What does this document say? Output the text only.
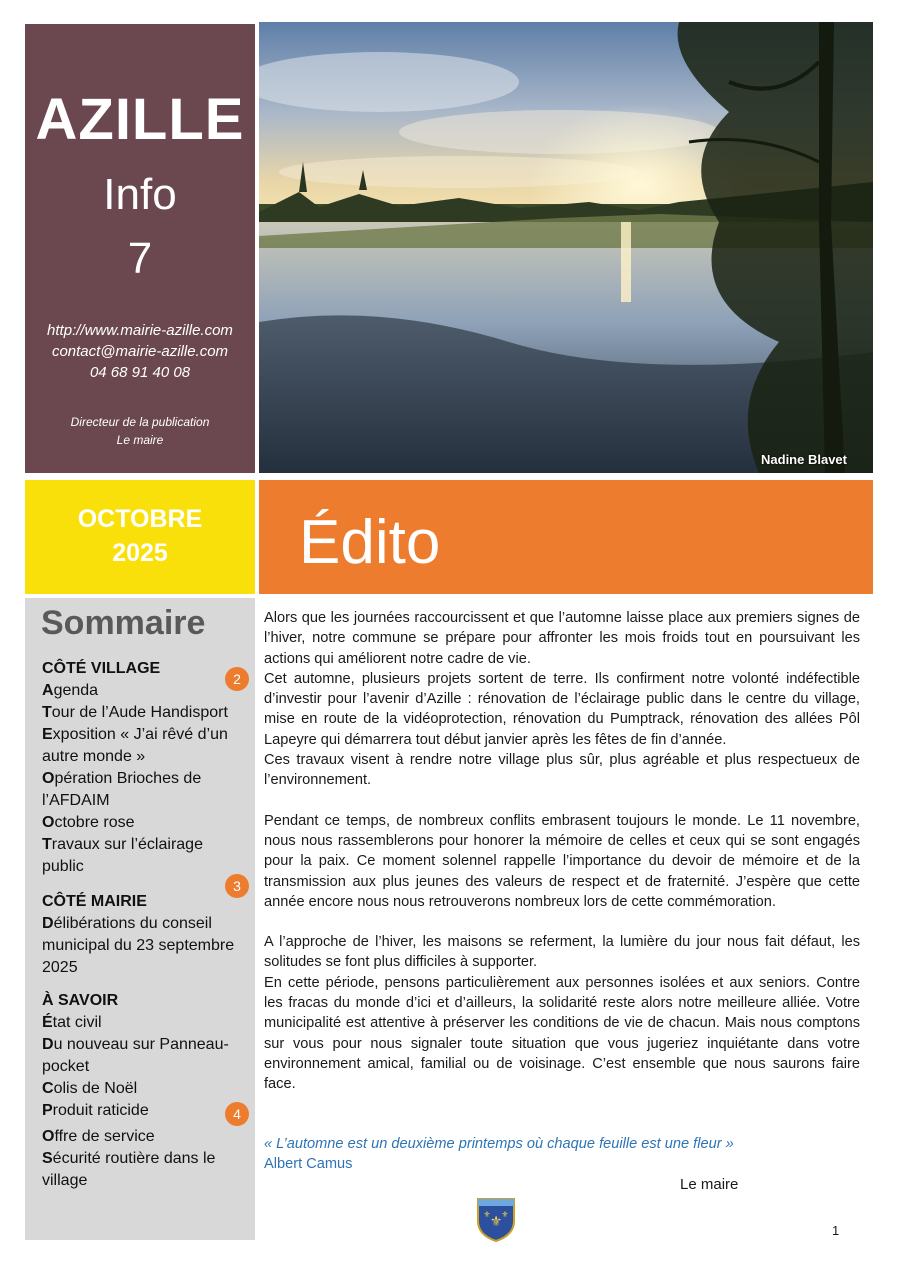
AZILLE
Info
7
http://www.mairie-azille.com
contact@mairie-azille.com
04 68 91 40 08
Directeur de la publication
Le maire
Nadine Blavet
OCTOBRE
2025	Édito
Sommaire
CÔTÉ VILLAGE
Agenda
Tour de l’Aude Handisport
Exposition « J’ai rêvé d’un autre monde »
Opération Brioches de l’AFDAIM
Octobre rose
Travaux sur l’éclairage public
2
CÔTÉ MAIRIE
Délibérations du conseil municipal du 23 septembre 2025
3
À SAVOIR
État civil
Du nouveau sur Panneau-pocket
Colis de Noël
Produit raticide
Offre de service
Sécurité routière dans le village
4

Alors que les journées raccourcissent et que l’automne laisse place aux premiers signes de l’hiver, notre commune se prépare pour affronter les mois froids tout en poursuivant les actions qui améliorent notre cadre de vie.

Cet automne, plusieurs projets sortent de terre. Ils confirment notre volonté indéfectible d’investir pour l’avenir d’Azille : rénovation de l’éclairage public dans le centre du village, mise en route de la vidéoprotection, rénovation du Pumptrack, rénovation des allées Pôl Lapeyre qui démarrera tout début janvier après les fêtes de fin d’année.

Ces travaux visent à rendre notre village plus sûr, plus agréable et plus respectueux de l’environnement.

Pendant ce temps, de nombreux conflits embrasent toujours le monde. Le 11 novembre, nous nous rassemblerons pour honorer la mémoire de celles et ceux qui se sont engagés pour la paix. Ce moment solennel rappelle l’importance du devoir de mémoire et de la transmission aux plus jeunes des valeurs de respect et de fraternité. J’espère que cette année encore nous nous retrouverons nombreux lors de cette commémoration.

A l’approche de l’hiver, les maisons se referment, la lumière du jour nous fait défaut, les solitudes se font plus difficiles à supporter.

En cette période, pensons particulièrement aux personnes isolées et aux seniors. Contre les fracas du monde d’ici et d’ailleurs, la solidarité reste alors notre meilleure alliée. Votre municipalité est attentive à préserver les conditions de vie de chacun. Mais nous comptons sur vous pour nous signaler toute situation que vous jugeriez inquiétante dans votre environnement amical, familial ou de voisinage. C’est ensemble que nous saurons faire face.

« L’automne est un deuxième printemps où chaque feuille est une fleur »
Albert Camus
Le maire
⚜
⚜ ⚜
1
